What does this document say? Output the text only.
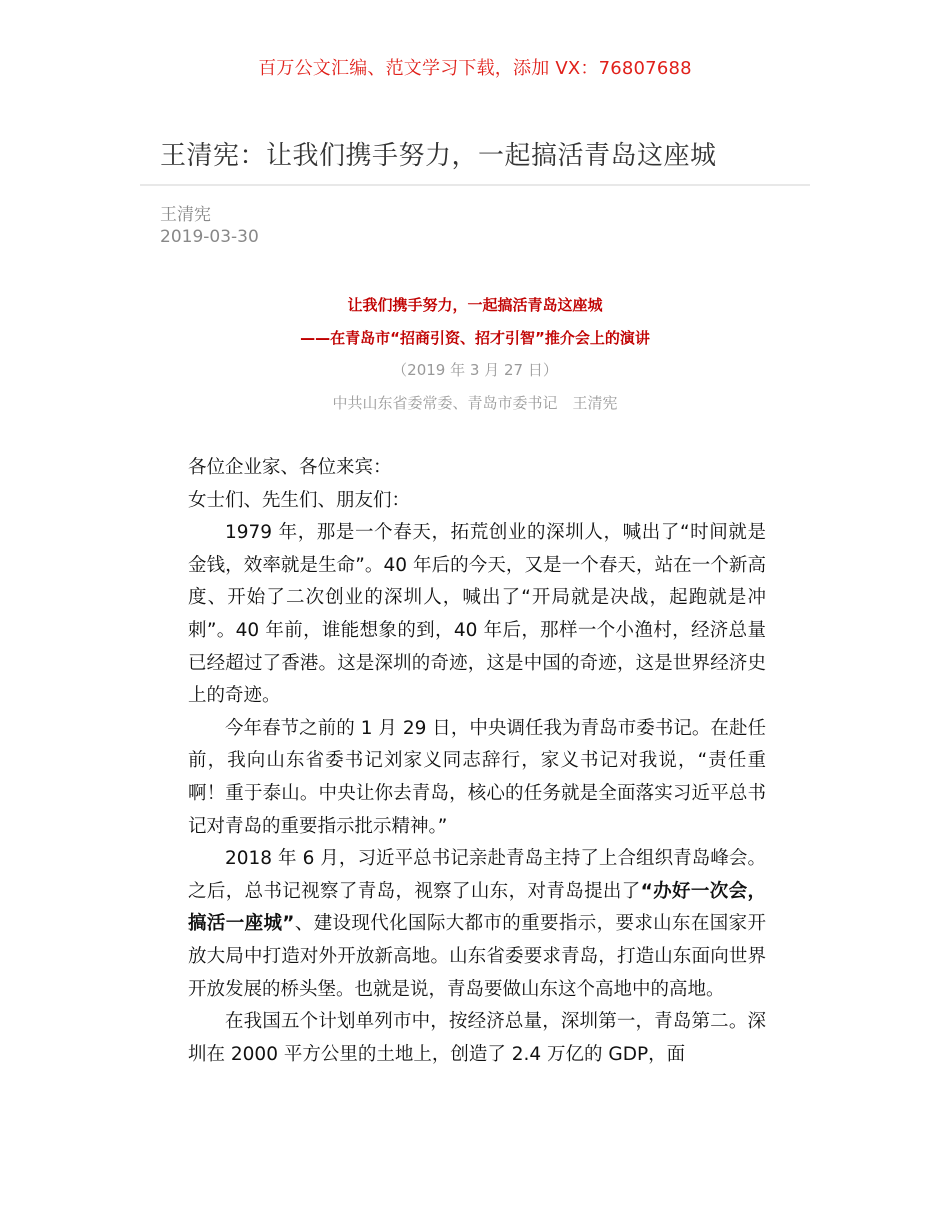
百万公文汇编、范文学习下载，添加 VX：76807688
王清宪：让我们携手努力，一起搞活青岛这座城
王清宪
2019-03-30

让我们携手努力，一起搞活青岛这座城

——在青岛市“招商引资、招才引智”推介会上的演讲

（2019 年 3 月 27 日）

中共山东省委常委、青岛市委书记　王清宪

各位企业家、各位来宾：

女士们、先生们、朋友们：

1979 年，那是一个春天，拓荒创业的深圳人，喊出了“时间就是金钱，效率就是生命”。40 年后的今天，又是一个春天，站在一个新高度、开始了二次创业的深圳人，喊出了“开局就是决战，起跑就是冲刺”。40 年前，谁能想象的到，40 年后，那样一个小渔村，经济总量已经超过了香港。这是深圳的奇迹，这是中国的奇迹，这是世界经济史上的奇迹。

今年春节之前的 1 月 29 日，中央调任我为青岛市委书记。在赴任前，我向山东省委书记刘家义同志辞行，家义书记对我说，“责任重啊！重于泰山。中央让你去青岛，核心的任务就是全面落实习近平总书记对青岛的重要指示批示精神。”

2018 年 6 月，习近平总书记亲赴青岛主持了上合组织青岛峰会。之后，总书记视察了青岛，视察了山东，对青岛提出了“办好一次会，搞活一座城”、建设现代化国际大都市的重要指示，要求山东在国家开放大局中打造对外开放新高地。山东省委要求青岛，打造山东面向世界开放发展的桥头堡。也就是说，青岛要做山东这个高地中的高地。

在我国五个计划单列市中，按经济总量，深圳第一，青岛第二。深圳在 2000 平方公里的土地上，创造了 2.4 万亿的 GDP，面
